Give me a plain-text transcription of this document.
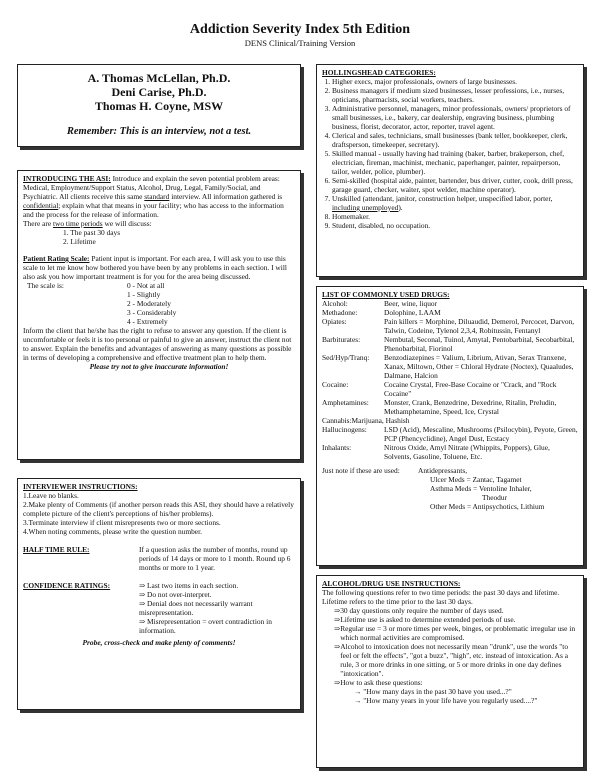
Addiction Severity Index 5th Edition
DENS Clinical/Training Version
A. Thomas McLellan, Ph.D.
Deni Carise, Ph.D.
Thomas H. Coyne, MSW
Remember: This is an interview, not a test.

INTRODUCING THE ASI: Introduce and explain the seven potential problem areas: Medical, Employment/Support Status, Alcohol, Drug, Legal, Family/Social, and Psychiatric. All clients receive this same standard interview. All information gathered is confidential; explain what that means in your facility; who has access to the information and the process for the release of information.

There are two time periods we will discuss:

1. The past 30 days

2. Lifetime

Patient Rating Scale: Patient input is important. For each area, I will ask you to use this scale to let me know how bothered you have been by any problems in each section. I will also ask you how important treatment is for you for the area being discussed.

The scale is:	0 - Not at all

1 - Slightly

2 - Moderately

3 - Considerably

4 - Extremely

Inform the client that he/she has the right to refuse to answer any question. If the client is uncomfortable or feels it is too personal or painful to give an answer, instruct the client not to answer. Explain the benefits and advantages of answering as many questions as possible in terms of developing a comprehensive and effective treatment plan to help them.

Please try not to give inaccurate information!

INTERVIEWER INSTRUCTIONS:

1.Leave no blanks.

2.Make plenty of Comments (if another person reads this ASI, they should have a relatively complete picture of the client's perceptions of his/her problems).

3.Terminate interview if client misrepresents two or more sections.

4.When noting comments, please write the question number.

HALF TIME RULE:	If a question asks the number of months, round up periods of 14 days or more to 1 month. Round up 6 months or more to 1 year.
CONFIDENCE RATINGS:	⇒ Last two items in each section.

⇒ Do not over-interpret.

⇒ Denial does not necessarily warrant misrepresentation.

⇒ Misrepresentation = overt contradiction in information.

Probe, cross-check and make plenty of comments!

HOLLINGSHEAD CATEGORIES:

1. Higher execs, major professionals, owners of large businesses.
2. Business managers if medium sized businesses, lesser professions, i.e., nurses, opticians, pharmacists, social workers, teachers.
3. Administrative personnel, managers, minor professionals, owners/ proprietors of small businesses, i.e., bakery, car dealership, engraving business, plumbing business, florist, decorator, actor, reporter, travel agent.
4. Clerical and sales, technicians, small businesses (bank teller, bookkeeper, clerk, draftsperson, timekeeper, secretary).
5. Skilled manual - usually having had training (baker, barber, brakeperson, chef, electrician, fireman, machinist, mechanic, paperhanger, painter, repairperson, tailor, welder, police, plumber).
6. Semi-skilled (hospital aide, painter, bartender, bus driver, cutter, cook, drill press, garage guard, checker, waiter, spot welder, machine operator).
7. Unskilled (attendant, janitor, construction helper, unspecified labor, porter, including unemployed).
8. Homemaker.
9. Student, disabled, no occupation.

LIST OF COMMONLY USED DRUGS:

Alcohol:	Beer, wine, liquor
Methadone:	Dolophine, LAAM
Opiates:	Pain killers = Morphine, Diluaudid, Demerol, Percocet, Darvon, Talwin, Codeine, Tylenol 2,3,4, Robitussin, Fentanyl
Barbiturates:	Nembutal, Seconal, Tuinol, Amytal, Pentobarbital, Secobarbital, Phenobarbital, Fiorinol
Sed/Hyp/Tranq:	Benzodiazepines = Valium, Librium, Ativan, Serax Tranxene, Xanax, Miltown, Other = Chloral Hydrate (Noctex), Quaaludes, Dalmane, Halcion
Cocaine:	Cocaine Crystal, Free-Base Cocaine or "Crack, and "Rock Cocaine"
Amphetamines:	Monster, Crank, Benzedrine, Dexedrine, Ritalin, Preludin, Methamphetamine, Speed, Ice, Crystal

Cannabis:Marijuana, Hashish

Hallucinogens:	LSD (Acid), Mescaline, Mushrooms (Psilocybin), Peyote, Green, PCP (Phencyclidine), Angel Dust, Ecstacy
Inhalants:	Nitrous Oxide, Amyl Nitrate (Whippits, Poppers), Glue, Solvents, Gasoline, Toluene, Etc.
Just note if these are used:	Antidepressants,

Ulcer Meds = Zantac, Tagamet

Asthma Meds = Ventoline Inhaler,

Theodur

Other Meds = Antipsychotics, Lithium

ALCOHOL/DRUG USE INSTRUCTIONS:

The following questions refer to two time periods: the past 30 days and lifetime. Lifetime refers to the time prior to the last 30 days.

⇒ 30 day questions only require the number of days used.
⇒ Lifetime use is asked to determine extended periods of use.
⇒ Regular use = 3 or more times per week, binges, or problematic irregular use in which normal activities are compromised.
⇒ Alcohol to intoxication does not necessarily mean "drunk", use the words "to feel or felt the effects", "got a buzz", "high", etc. instead of intoxication. As a rule, 3 or more drinks in one sitting, or 5 or more drinks in one day defines "intoxication".
⇒ How to ask these questions:
→ "How many days in the past 30 have you used...?"
→ "How many years in your life have you regularly used....?"
